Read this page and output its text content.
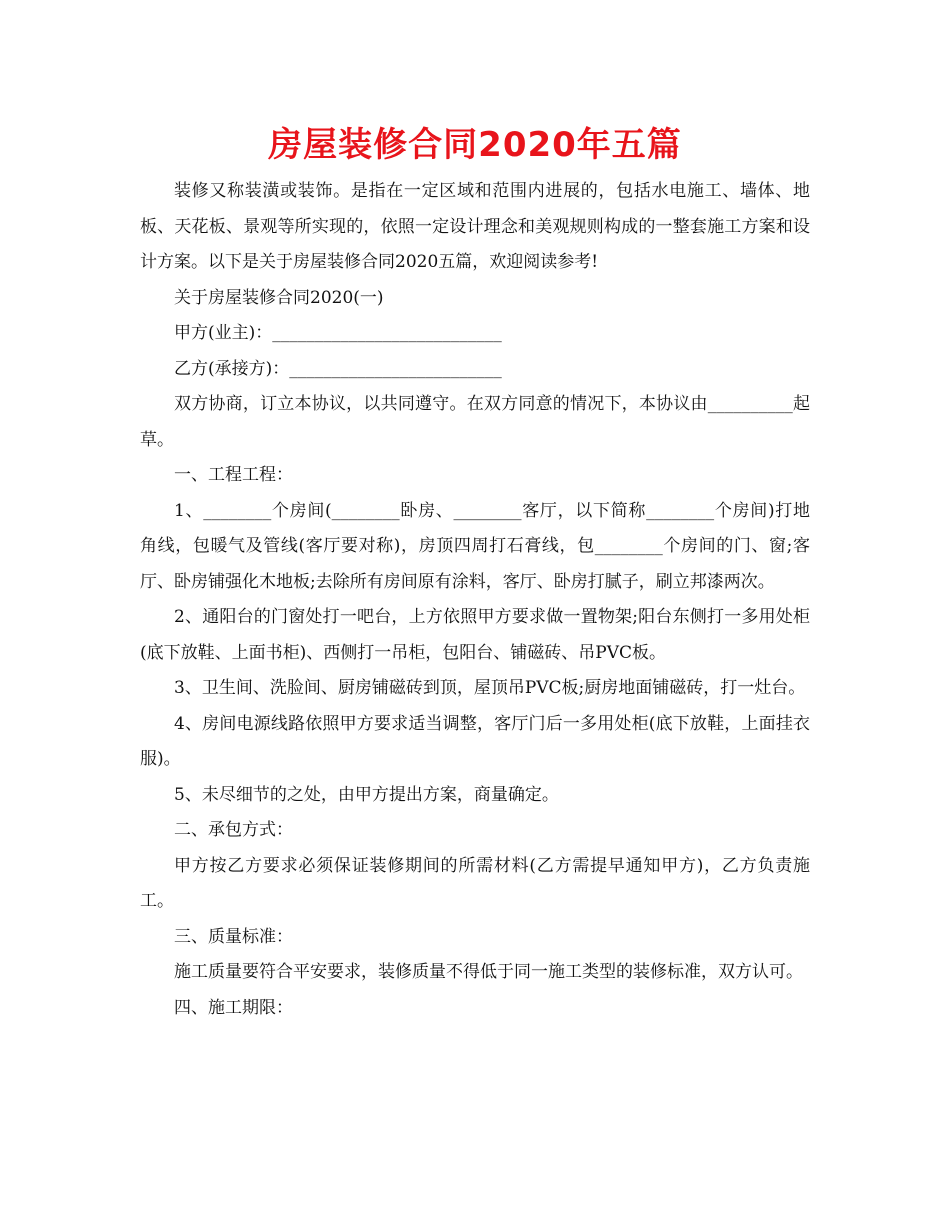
房屋装修合同2020年五篇

装修又称装潢或装饰。是指在一定区域和范围内进展的，包括水电施工、墙体、地板、天花板、景观等所实现的，依照一定设计理念和美观规则构成的一整套施工方案和设计方案。以下是关于房屋装修合同2020五篇，欢迎阅读参考!

关于房屋装修合同2020(一)

甲方(业主)：___________________________

乙方(承接方)：_________________________

双方协商，订立本协议，以共同遵守。在双方同意的情况下，本协议由__________起草。

一、工程工程：

1、________个房间(________卧房、________客厅，以下简称________个房间)打地角线，包暖气及管线(客厅要对称)，房顶四周打石膏线，包________个房间的门、窗;客厅、卧房铺强化木地板;去除所有房间原有涂料，客厅、卧房打腻子，刷立邦漆两次。

2、通阳台的门窗处打一吧台，上方依照甲方要求做一置物架;阳台东侧打一多用处柜(底下放鞋、上面书柜)、西侧打一吊柜，包阳台、铺磁砖、吊PVC板。

3、卫生间、洗脸间、厨房铺磁砖到顶，屋顶吊PVC板;厨房地面铺磁砖，打一灶台。

4、房间电源线路依照甲方要求适当调整，客厅门后一多用处柜(底下放鞋，上面挂衣服)。

5、未尽细节的之处，由甲方提出方案，商量确定。

二、承包方式：

甲方按乙方要求必须保证装修期间的所需材料(乙方需提早通知甲方)，乙方负责施工。

三、质量标准：

施工质量要符合平安要求，装修质量不得低于同一施工类型的装修标准，双方认可。

四、施工期限：
